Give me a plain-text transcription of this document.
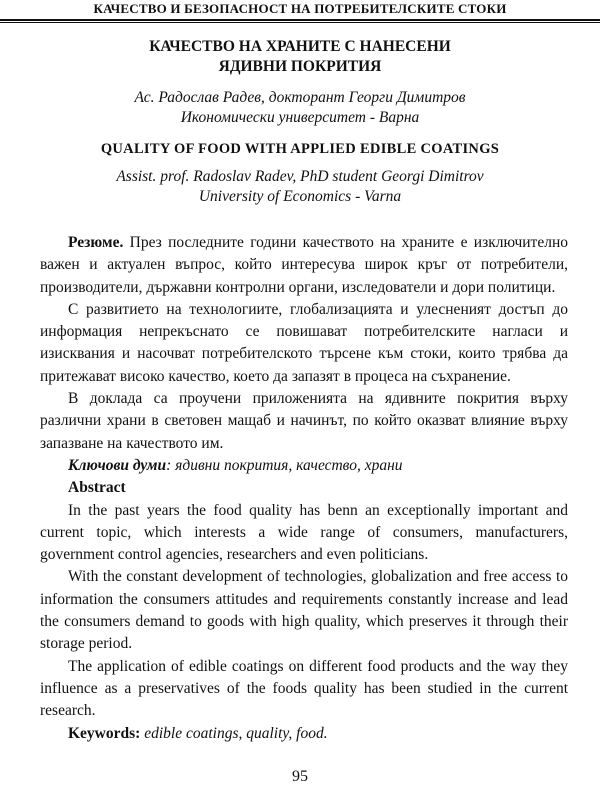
КАЧЕСТВО И БЕЗОПАСНОСТ НА ПОТРЕБИТЕЛСКИТЕ СТОКИ
КАЧЕСТВО НА ХРАНИТЕ С НАНЕСЕНИ
ЯДИВНИ ПОКРИТИЯ
Ас. Радослав Радев, докторант Георги Димитров
Икономически университет - Варна
QUALITY OF FOOD WITH APPLIED EDIBLE COATINGS
Assist. prof. Radoslav Radev, PhD student Georgi Dimitrov
University of Economics - Varna

Резюме. През последните години качеството на храните е изключително важен и актуален въпрос, който интересува широк кръг от потребители, производители, държавни контролни органи, изследователи и дори политици.

С развитието на технологиите, глобализацията и улесненият достъп до информация непрекъснато се повишават потребителските нагласи и изисквания и насочват потребителското търсене към стоки, които трябва да притежават високо качество, което да запазят в процеса на съхранение.

В доклада са проучени приложенията на ядивните покрития върху различни храни в световен мащаб и начинът, по който оказват влияние върху запазване на качеството им.

Ключови думи: ядивни покрития, качество, храни

Abstract

In the past years the food quality has benn an exceptionally important and current topic, which interests a wide range of consumers, manufacturers, government control agencies, researchers and even politicians.

With the constant development of technologies, globalization and free access to information the consumers attitudes and requirements constantly increase and lead the consumers demand to goods with high quality, which preserves it through their storage period.

The application of edible coatings on different food products and the way they influence as a preservatives of the foods quality has been studied in the current research.

Keywords: edible coatings, quality, food.

95
